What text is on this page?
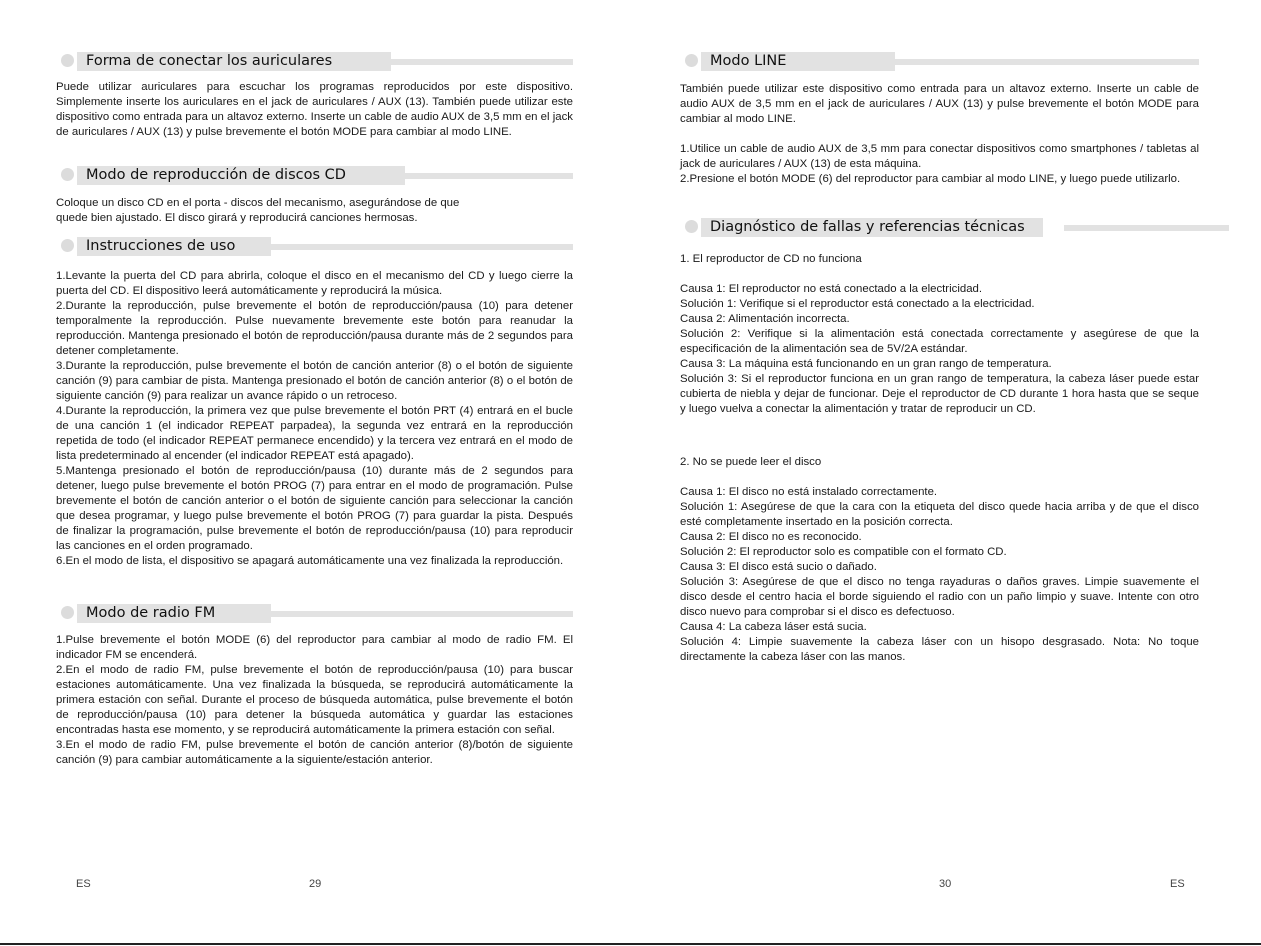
Forma de conectar los auriculares

Puede utilizar auriculares para escuchar los programas reproducidos por este dispositivo. Simplemente inserte los auriculares en el jack de auriculares / AUX (13). También puede utilizar este dispositivo como entrada para un altavoz externo. Inserte un cable de audio AUX de 3,5 mm en el jack de auriculares / AUX (13) y pulse brevemente el botón MODE para cambiar al modo LINE.

Modo de reproducción de discos CD

Coloque un disco CD en el porta - discos del mecanismo, asegurándose de que quede bien ajustado. El disco girará y reproducirá canciones hermosas.

Instrucciones de uso

1.Levante la puerta del CD para abrirla, coloque el disco en el mecanismo del CD y luego cierre la puerta del CD. El dispositivo leerá automáticamente y reproducirá la música.

2.Durante la reproducción, pulse brevemente el botón de reproducción/pausa (10) para detener temporalmente la reproducción. Pulse nuevamente brevemente este botón para reanudar la reproducción. Mantenga presionado el botón de reproducción/pausa durante más de 2 segundos para detener completamente.

3.Durante la reproducción, pulse brevemente el botón de canción anterior (8) o el botón de siguiente canción (9) para cambiar de pista. Mantenga presionado el botón de canción anterior (8) o el botón de siguiente canción (9) para realizar un avance rápido o un retroceso.

4.Durante la reproducción, la primera vez que pulse brevemente el botón PRT (4) entrará en el bucle de una canción 1 (el indicador REPEAT parpadea), la segunda vez entrará en la reproducción repetida de todo (el indicador REPEAT permanece encendido) y la tercera vez entrará en el modo de lista predeterminado al encender (el indicador REPEAT está apagado).

5.Mantenga presionado el botón de reproducción/pausa (10) durante más de 2 segundos para detener, luego pulse brevemente el botón PROG (7) para entrar en el modo de programación. Pulse brevemente el botón de canción anterior o el botón de siguiente canción para seleccionar la canción que desea programar, y luego pulse brevemente el botón PROG (7) para guardar la pista. Después de finalizar la programación, pulse brevemente el botón de reproducción/pausa (10) para reproducir las canciones en el orden programado.

6.En el modo de lista, el dispositivo se apagará automáticamente una vez finalizada la reproducción.

Modo de radio FM

1.Pulse brevemente el botón MODE (6) del reproductor para cambiar al modo de radio FM. El indicador FM se encenderá.

2.En el modo de radio FM, pulse brevemente el botón de reproducción/pausa (10) para buscar estaciones automáticamente. Una vez finalizada la búsqueda, se reproducirá automáticamente la primera estación con señal. Durante el proceso de búsqueda automática, pulse brevemente el botón de reproducción/pausa (10) para detener la búsqueda automática y guardar las estaciones encontradas hasta ese momento, y se reproducirá automáticamente la primera estación con señal.

3.En el modo de radio FM, pulse brevemente el botón de canción anterior (8)/botón de siguiente canción (9) para cambiar automáticamente a la siguiente/estación anterior.

ES	29
Modo LINE

También puede utilizar este dispositivo como entrada para un altavoz externo. Inserte un cable de audio AUX de 3,5 mm en el jack de auriculares / AUX (13) y pulse brevemente el botón MODE para cambiar al modo LINE.

1.Utilice un cable de audio AUX de 3,5 mm para conectar dispositivos como smartphones / tabletas al jack de auriculares / AUX (13) de esta máquina.

2.Presione el botón MODE (6) del reproductor para cambiar al modo LINE, y luego puede utilizarlo.

Diagnóstico de fallas y referencias técnicas

1. El reproductor de CD no funciona

Causa 1: El reproductor no está conectado a la electricidad.

Solución 1: Verifique si el reproductor está conectado a la electricidad.

Causa 2: Alimentación incorrecta.

Solución 2: Verifique si la alimentación está conectada correctamente y asegúrese de que la especificación de la alimentación sea de 5V/2A estándar.

Causa 3: La máquina está funcionando en un gran rango de temperatura.

Solución 3: Si el reproductor funciona en un gran rango de temperatura, la cabeza láser puede estar cubierta de niebla y dejar de funcionar. Deje el reproductor de CD durante 1 hora hasta que se seque y luego vuelva a conectar la alimentación y tratar de reproducir un CD.

2. No se puede leer el disco

Causa 1: El disco no está instalado correctamente.

Solución 1: Asegúrese de que la cara con la etiqueta del disco quede hacia arriba y de que el disco esté completamente insertado en la posición correcta.

Causa 2: El disco no es reconocido.

Solución 2: El reproductor solo es compatible con el formato CD.

Causa 3: El disco está sucio o dañado.

Solución 3: Asegúrese de que el disco no tenga rayaduras o daños graves. Limpie suavemente el disco desde el centro hacia el borde siguiendo el radio con un paño limpio y suave. Intente con otro disco nuevo para comprobar si el disco es defectuoso.

Causa 4: La cabeza láser está sucia.

Solución 4: Limpie suavemente la cabeza láser con un hisopo desgrasado. Nota: No toque directamente la cabeza láser con las manos.

30	ES
